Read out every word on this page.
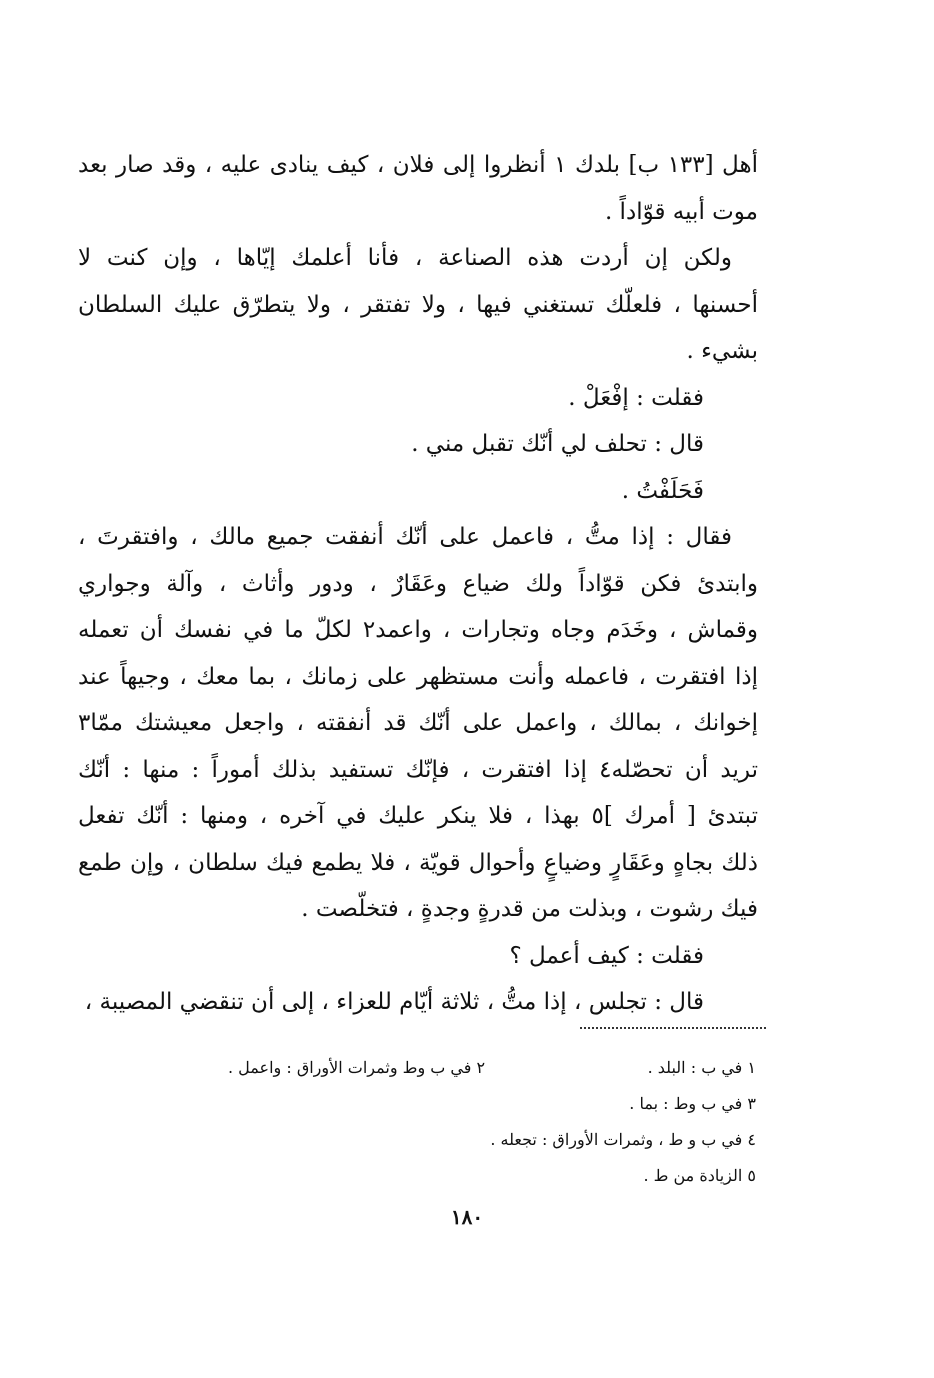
أهل [١٣٣ ب] بلدك ١ أنظروا إلى فلان ، كيف ينادى عليه ، وقد صار بعد
موت أبيه قوّاداً .
ولكن إن أردت هذه الصناعة ، فأنا أعلمك إيّاها ، وإن كنت لا
أحسنها ، فلعلّك تستغني فيها ، ولا تفتقر ، ولا يتطرّق عليك السلطان
بشيء .
فقلت : إفْعَلْ .
قال : تحلف لي أنّك تقبل مني .
فَحَلَفْتُ .
فقال : إذا متُّ ، فاعمل على أنّك أنفقت جميع مالك ، وافتقرتَ ،
وابتدئ فكن قوّاداً ولك ضياع وعَقَارٌ ، ودور وأثاث ، وآلة وجواري
وقماش ، وخَدَم وجاه وتجارات ، واعمد٢ لكلّ ما في نفسك أن تعمله
إذا افتقرت ، فاعمله وأنت مستظهر على زمانك ، بما معك ، وجيهاً عند
إخوانك ، بمالك ، واعمل على أنّك قد أنفقته ، واجعل معيشتك ممّا٣
تريد أن تحصّله٤ إذا افتقرت ، فإنّك تستفيد بذلك أموراً : منها : أنّك
تبتدئ [ أمرك ]٥ بهذا ، فلا ينكر عليك في آخره ، ومنها : أنّك تفعل
ذلك بجاهٍ وعَقَارٍ وضياعٍ وأحوال قويّة ، فلا يطمع فيك سلطان ، وإن طمع
فيك رشوت ، وبذلت من قدرةٍ وجدةٍ ، فتخلّصت .
فقلت : كيف أعمل ؟
قال : تجلس ، إذا متُّ ، ثلاثة أيّام للعزاء ، إلى أن تنقضي المصيبة ،
١ في ب : البلد .
٢ في ب وط وثمرات الأوراق : واعمل .
٣ في ب وط : بما .
٤ في ب و ط ، وثمرات الأوراق : تجعله .
٥ الزيادة من ط .
١٨٠
